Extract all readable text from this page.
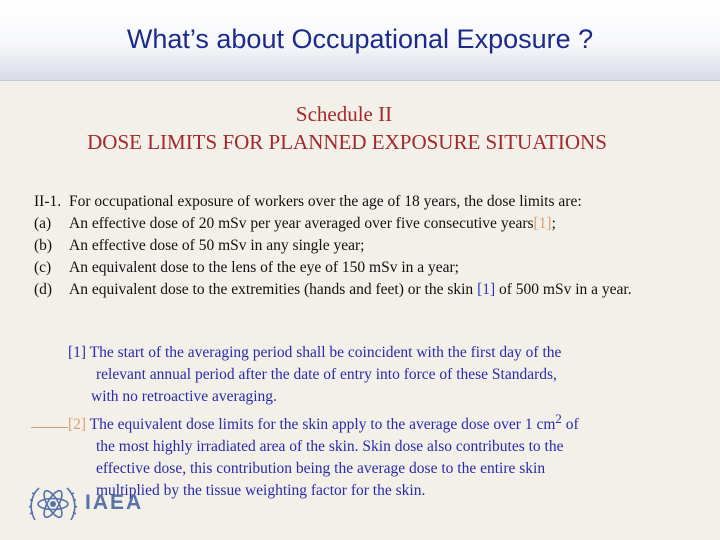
What’s about Occupational Exposure ?
Schedule II
DOSE LIMITS FOR PLANNED EXPOSURE SITUATIONS
II-1. For occupational exposure of workers over the age of 18 years, the dose limits are:
(a)	An effective dose of 20 mSv per year averaged over five consecutive years[1];
(b)	An effective dose of 50 mSv in any single year;
(c)	An equivalent dose to the lens of the eye of 150 mSv in a year;
(d)	An equivalent dose to the extremities (hands and feet) or the skin [1] of 500 mSv in a year.
[1] The start of the averaging period shall be coincident with the first day of the
relevant annual period after the date of entry into force of these Standards,
with no retroactive averaging.
[2] The equivalent dose limits for the skin apply to the average dose over 1 $cm^2$ of
the most highly irradiated area of the skin. Skin dose also contributes to the
effective dose, this contribution being the average dose to the entire skin
multiplied by the tissue weighting factor for the skin.
IAEA
